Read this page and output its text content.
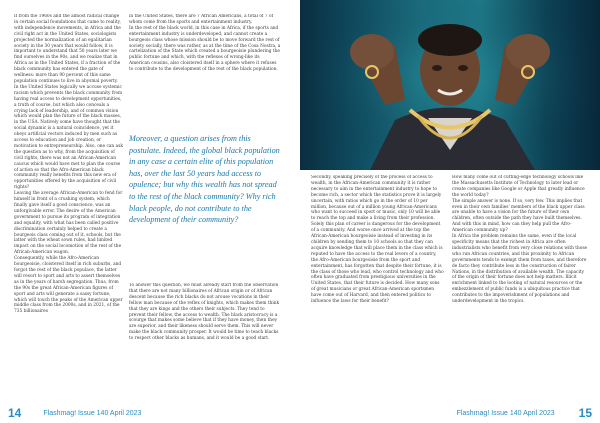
If from the 1960s and the almost radical change in certain social foundations that came to reality, with independence movements, in Africa and the civil right act in the United States, sociologists projected the normalization of an egalitarian society in the 30 years that would follow, it is important to understand that 50 years later we find ourselves in the 90s, and we realize that in Africa as in the United States, if a fraction of the black community has entered the gate of wellness: more than 90 percent of this same population continues to live in abysmal poverty.
In the United States logically we accuse systemic racism which prevents the black community from having real access to development opportunities, a truth of course, but which also conceals a crying lack of leadership, and of common vision which would plan the future of the black masses, in the USA. Natively some have thought that the social dynamic is a natural coincidence, yet it obeys artificial vectors induced by men such as access to education and job creation, or motivation to entrepreneurship. Also, one can ask the question as to why, from the acquisition of civil rights, there was not an African-American caucus which would have met to plan the course of action so that the Afro-American black community really benefits from this new era of opportunities offered by the acquisition of civil rights?
Leaving the average African-American to fend for himself in front of a crushing system, which finally gave itself a good conscience, was an unforgivable error. The desire of the American government to pursue its program of integration and equality, with what has been called positive discrimination certainly helped to create a bourgeois class coming out of it, schools, but the latter with the wheat sown rules, had limited impact on the social locomotion of the rest of the African-American wagon.
Consequently, while the Afro-American bourgeoisie, cloistered itself in rich suburbs, and forgot the rest of the black populace, the latter will resort to sport and arts to assert themselves as in the years of harsh segregation. Thus, from the 90s the great African-American figures of sport and arts will generate a sassy fortune, which will touch the peaks of the American upper middle class from the 2000s, and in 2021, of the 735 billionaires
in the United States, there are 7 African Americans, a total of 7 of whom come from the sports and entertainment industry.
In the rest of the black world, in this case in Africa, if the sports and entertainment industry is underdeveloped, and cannot create a bourgeois class whose mission should be to move forward the rest of society socially, there was rather, as at the time of the Cosa Nostra, a cartelization of the State which created a bourgeoisie plundering the public fortune and which, with the reflexes of wrong-like its American cousins, also cloistered itself in a sphere where it refuses to contribute to the development of the rest of the black population.
Moreover, a question arises from this postulate. Indeed, the global black population in any case a certain elite of this population has, over the last 50 years had access to opulence; but why this wealth has not spread to the rest of the black community? Why rich black people, do not contribute to the development of their community?
To answer this question, we must already start from the observation that there are not many billionaires of African origin or of African descent because the rich blacks do not arouse vocations in their fellow man because of the reflex of knights, which makes them think that they are kings and the others their subjects. They tend to prevent their fellow, the access to wealth. The black aristocracy is a scourge that makes some believe that if they have money, then they are superior, and their likeness should serve them. This will never make the black community prosper. It would be time to teach blacks to respect other blacks as humans, and it would be a good start.
Secondly, speaking precisely of the process of access to wealth, in the African-American community it is rather necessary to aim in the entertainment industry to hope to become rich, a sector which the statistics prove it is largely uncertain, with ratios which go in the order of 10 per million, because out of a million young African-Americans who want to succeed in sport or music, only 10 will be able to reach the top and make a living from their profession. Solely this plan of career is dangerous for the development of a community. And worse once arrived at the top the African-American bourgeoisie instead of investing in its children by sending them to 10 schools so that they can acquire knowledge that will place them in the class which is reputed to have the access to the real levers of a country, the Afro-American bourgeoisie from the sport and entertainment, has forgotten that despite their fortune, it is the class of those who lead, who control technology and who often have graduated from prestigious universities in the United States, that their future is decided. How many sons of great musicians or great African-American sportsmen have come out of Harvard, and then entered politics to influence the laws for their benefit?
How many come out of cutting-edge technology schools like the Massachusetts Institute of Technology to later lead or create companies like Google or Apple that greatly influence the world today?
The simple answer is none. If so, very few. This implies that even in their own families' members of the black upper class are unable to have a vision for the future of their own children, often outside the path they have built themselves. And with this in mind, how can they help pull the Afro-American community up?
In Africa the problem remains the same, even if the local specificity means that the richest in Africa are often industrialists who benefit from very close relations with those who run African countries, and this proximity to African governments tends to exempt them from taxes, and therefore de facto they contribute less in the construction of fairer Nations, in the distribution of available wealth. The capacity of the origin of their fortune does not help matters. Illicit enrichment linked to the looting of natural resources or the embezzlement of public funds is a ubiquitous practice that contributes to the impoverishment of populations and underdevelopment in the tropics.
14	Flashmag! Issue 140 April 2023	Flashmag! Issue 140 April 2023 15
